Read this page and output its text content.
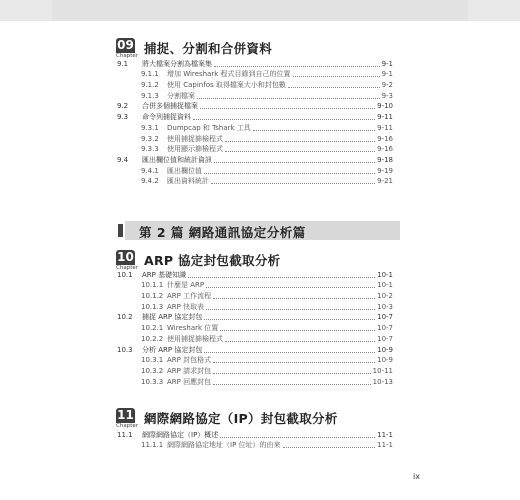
09
Chapter 捕捉、分割和合併資料
9.1	將大檔案分割為檔案集	9-1
9.1.1	增加 Wireshark 程式目錄到自己的位置	9-1
9.1.2	使用 Capinfos 取得檔案大小和封包數	9-2
9.1.3	分割檔案	9-3
9.2	合併多個捕捉檔案	9-10
9.3	命令列捕捉資料	9-11
9.3.1	Dumpcap 和 Tshark 工具	9-11
9.3.2	使用捕捉篩檢程式	9-16
9.3.3	使用顯示篩檢程式	9-16
9.4	匯出欄位值和統計資訊	9-18
9.4.1	匯出欄位值	9-19
9.4.2	匯出資料統計	9-21
第 2 篇 網路通訊協定分析篇
10
Chapter ARP 協定封包截取分析
10.1	ARP 基礎知識	10-1
10.1.1 什麼是 ARP	10-1
10.1.2 ARP 工作流程	10-2
10.1.3 ARP 快取表	10-3
10.2	捕捉 ARP 協定封包	10-7
10.2.1 Wireshark 位置	10-7
10.2.2 使用捕捉篩檢程式	10-7
10.3	分析 ARP 協定封包	10-9
10.3.1 ARP 封包格式	10-9
10.3.2 ARP 請求封包	10-11
10.3.3 ARP 回應封包	10-13
11
Chapter 網際網路協定（IP）封包截取分析
11.1	網際網路協定（IP）概述	11-1
11.1.1 網際網路協定地址（IP 位址）的由來	11-1
ix
